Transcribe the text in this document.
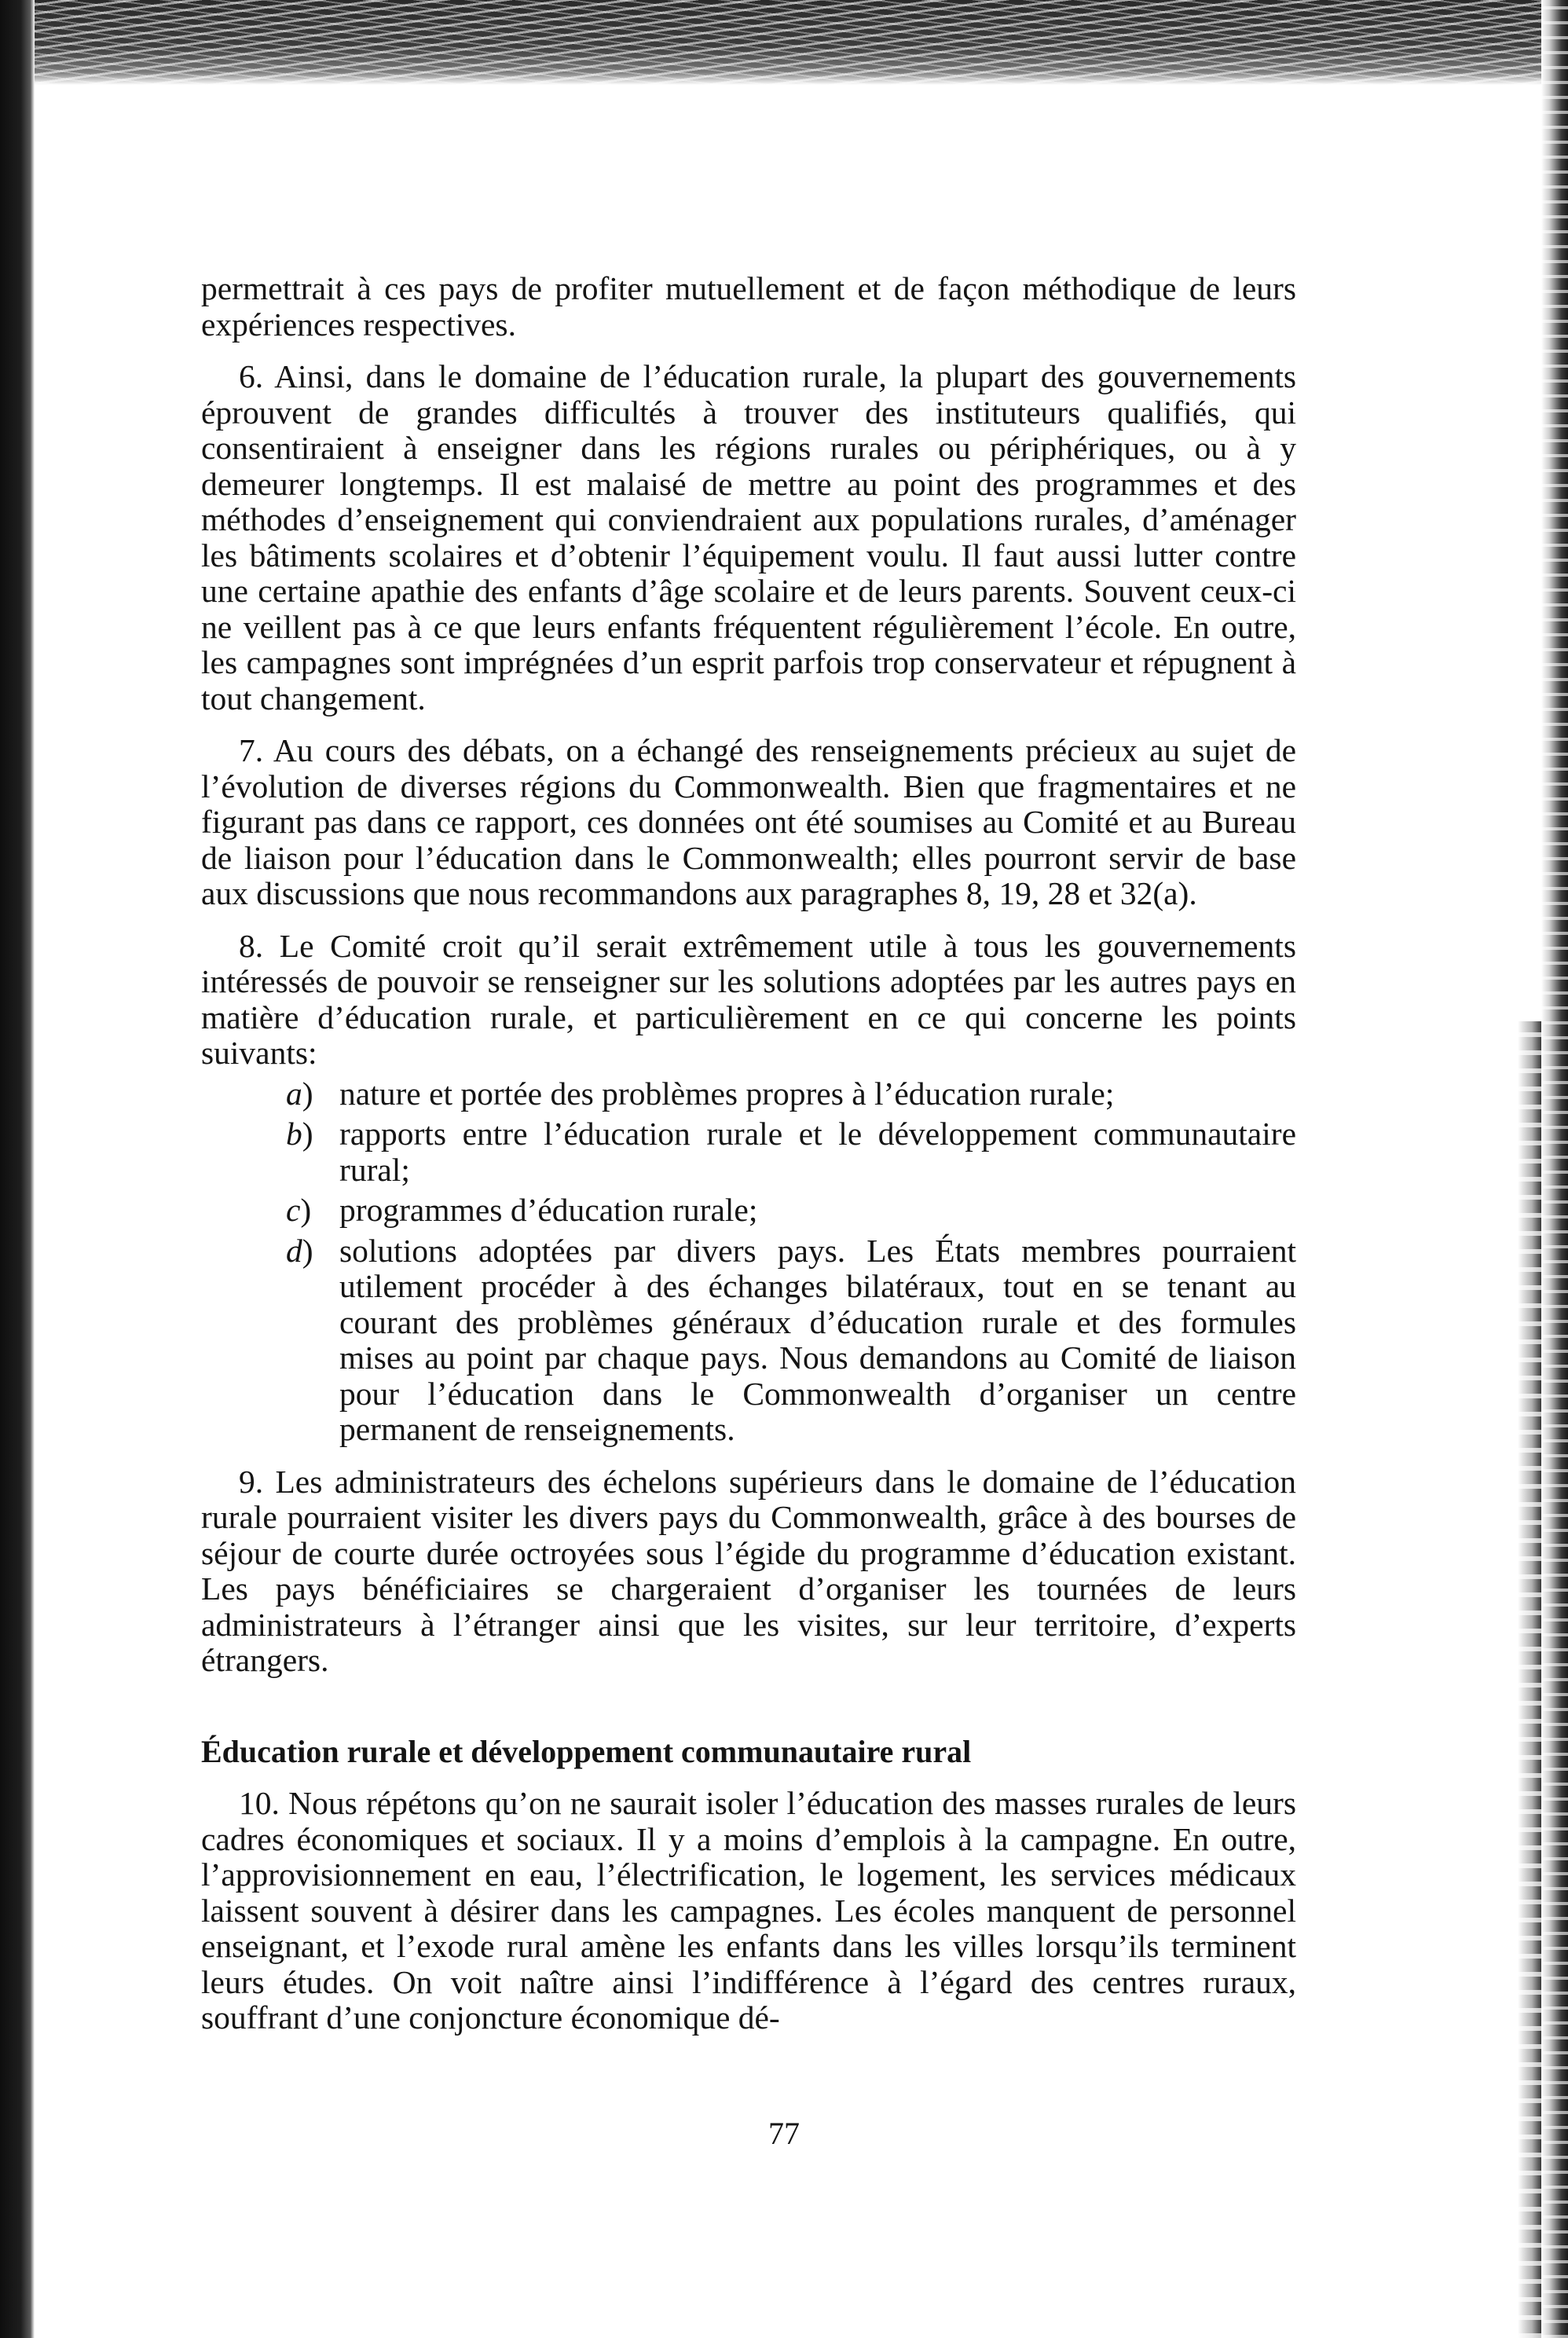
permettrait à ces pays de profiter mutuellement et de façon méthodique de leurs expériences respectives.

6. Ainsi, dans le domaine de l’éducation rurale, la plupart des gouvernements éprouvent de grandes difficultés à trouver des instituteurs qualifiés, qui consentiraient à enseigner dans les régions rurales ou périphériques, ou à y demeurer longtemps. Il est malaisé de mettre au point des programmes et des méthodes d’enseignement qui conviendraient aux populations rurales, d’aménager les bâtiments scolaires et d’obtenir l’équipement voulu. Il faut aussi lutter contre une certaine apathie des enfants d’âge scolaire et de leurs parents. Souvent ceux-ci ne veillent pas à ce que leurs enfants fréquentent régulièrement l’école. En outre, les campagnes sont imprégnées d’un esprit parfois trop conservateur et répugnent à tout changement.

7. Au cours des débats, on a échangé des renseignements précieux au sujet de l’évolution de diverses régions du Commonwealth. Bien que fragmentaires et ne figurant pas dans ce rapport, ces données ont été soumises au Comité et au Bureau de liaison pour l’éducation dans le Commonwealth; elles pourront servir de base aux discussions que nous recommandons aux paragraphes 8, 19, 28 et 32(a).

8. Le Comité croit qu’il serait extrêmement utile à tous les gouvernements intéressés de pouvoir se renseigner sur les solutions adoptées par les autres pays en matière d’éducation rurale, et particulièrement en ce qui concerne les points suivants:

a) nature et portée des problèmes propres à l’éducation rurale;
b) rapports entre l’éducation rurale et le développement communautaire rural;
c) programmes d’éducation rurale;
d) solutions adoptées par divers pays. Les États membres pourraient utilement procéder à des échanges bilatéraux, tout en se tenant au courant des problèmes généraux d’éducation rurale et des formules mises au point par chaque pays. Nous demandons au Comité de liaison pour l’éducation dans le Commonwealth d’organiser un centre permanent de renseignements.

9. Les administrateurs des échelons supérieurs dans le domaine de l’éducation rurale pourraient visiter les divers pays du Commonwealth, grâce à des bourses de séjour de courte durée octroyées sous l’égide du programme d’éducation existant. Les pays bénéficiaires se chargeraient d’organiser les tournées de leurs administrateurs à l’étranger ainsi que les visites, sur leur territoire, d’experts étrangers.

Éducation rurale et développement communautaire rural

10. Nous répétons qu’on ne saurait isoler l’éducation des masses rurales de leurs cadres économiques et sociaux. Il y a moins d’emplois à la campagne. En outre, l’approvisionnement en eau, l’électrification, le logement, les services médicaux laissent souvent à désirer dans les campagnes. Les écoles manquent de personnel enseignant, et l’exode rural amène les enfants dans les villes lorsqu’ils terminent leurs études. On voit naître ainsi l’indifférence à l’égard des centres ruraux, souffrant d’une conjoncture économique dé-

77
